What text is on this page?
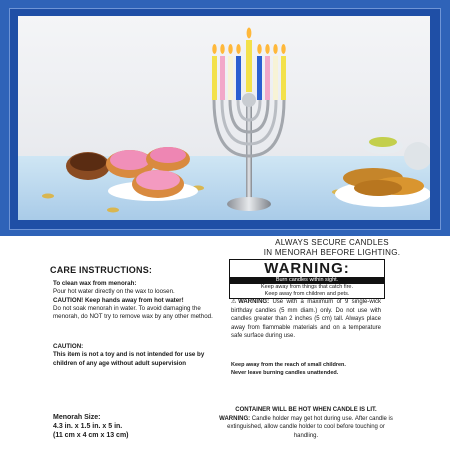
ALWAYS SECURE CANDLES
IN MENORAH BEFORE LIGHTING.
WARNING:
Burn candles within sight.
Keep away from things that catch fire.
Keep away from children and pets.

⚠WARNING: Use with a maximum of 9 single-wick birthday candles (5 mm diam.) only. Do not use with candles greater than 2 inches (5 cm) tall. Always place away from flammable materials and on a temperature safe surface during use.

Keep away from the reach of small children.
Never leave burning candles unattended.
CONTAINER WILL BE HOT WHEN CANDLE IS LIT.
WARNING: Candle holder may get hot during use. After candle is extinguished, allow candle holder to cool before touching or handling.
CARE INSTRUCTIONS:
To clean wax from menorah:
Pour hot water directly on the wax to loosen.
CAUTION! Keep hands away from hot water!
Do not soak menorah in water. To avoid damaging the menorah, do NOT try to remove wax by any other method.
CAUTION:
This item is not a toy and is not intended for use by children of any age without adult supervision
Menorah Size:
4.3 in. x 1.5 in. x 5 in.
(11 cm x 4 cm x 13 cm)
